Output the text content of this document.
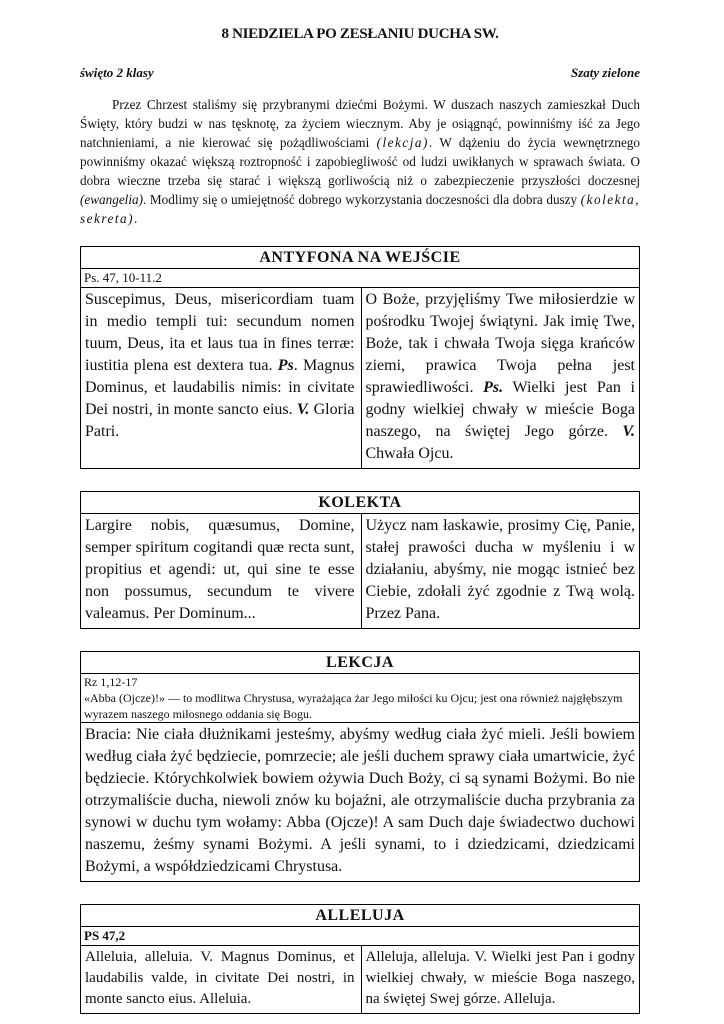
8 NIEDZIELA PO ZESŁANIU DUCHA SW.
święto 2 klasy	Szaty zielone

Przez Chrzest staliśmy się przybranymi dziećmi Bożymi. W duszach naszych zamieszkał Duch Święty, który budzi w nas tęsknotę, za życiem wiecznym. Aby je osiągnąć, powinniśmy iść za Jego natchnieniami, a nie kierować się pożądliwościami (lekcja). W dążeniu do życia wewnętrznego powinniśmy okazać większą roztropność i zapobiegliwość od ludzi uwikłanych w sprawach świata. O dobra wieczne trzeba się starać i większą gorliwością niż o zabezpieczenie przyszłości doczesnej (ewangelia). Modlimy się o umiejętność dobrego wykorzystania doczesności dla dobra duszy (kolekta, sekreta).

ANTYFONA NA WEJŚCIE
Ps. 47, 10-11.2
Suscepimus, Deus, misericordiam tuam in medio templi tui: secundum nomen tuum, Deus, ita et laus tua in fines terræ: iustitia plena est dextera tua. Ps. Magnus Dominus, et laudabilis nimis: in civitate Dei nostri, in monte sancto eius. V. Gloria Patri.
O Boże, przyjęliśmy Twe miłosierdzie w pośrodku Twojej świątyni. Jak imię Twe, Boże, tak i chwała Twoja sięga krańców ziemi, prawica Twoja pełna jest sprawiedliwości. Ps. Wielki jest Pan i godny wielkiej chwały w mieście Boga naszego, na świętej Jego górze. V. Chwała Ojcu.
KOLEKTA
Largire nobis, quæsumus, Domine, semper spiritum cogitandi quæ recta sunt, propitius et agendi: ut, qui sine te esse non possumus, secundum te vivere valeamus. Per Dominum...
Użycz nam łaskawie, prosimy Cię, Panie, stałej prawości ducha w myśleniu i w działaniu, abyśmy, nie mogąc istnieć bez Ciebie, zdołali żyć zgodnie z Twą wolą. Przez Pana.
LEKCJA
Rz 1,12-17
«Abba (Ojcze)!» — to modlitwa Chrystusa, wyrażająca żar Jego miłości ku Ojcu; jest ona również najgłębszym wyrazem naszego miłosnego oddania się Bogu.
Bracia: Nie ciała dłużnikami jesteśmy, abyśmy według ciała żyć mieli. Jeśli bowiem według ciała żyć będziecie, pomrzecie; ale jeśli duchem sprawy ciała umartwicie, żyć będziecie. Którychkolwiek bowiem ożywia Duch Boży, ci są synami Bożymi. Bo nie otrzymaliście ducha, niewoli znów ku bojaźni, ale otrzymaliście ducha przybrania za synowi w duchu tym wołamy: Abba (Ojcze)! A sam Duch daje świadectwo duchowi naszemu, żeśmy synami Bożymi. A jeśli synami, to i dziedzicami, dziedzicami Bożymi, a współdziedzicami Chrystusa.
ALLELUJA
PS 47,2
Alleluia, alleluia. V. Magnus Dominus, et laudabilis valde, in civitate Dei nostri, in monte sancto eius. Alleluia.
Alleluja, alleluja. V. Wielki jest Pan i godny wielkiej chwały, w mieście Boga naszego, na świętej Swej górze. Alleluja.
